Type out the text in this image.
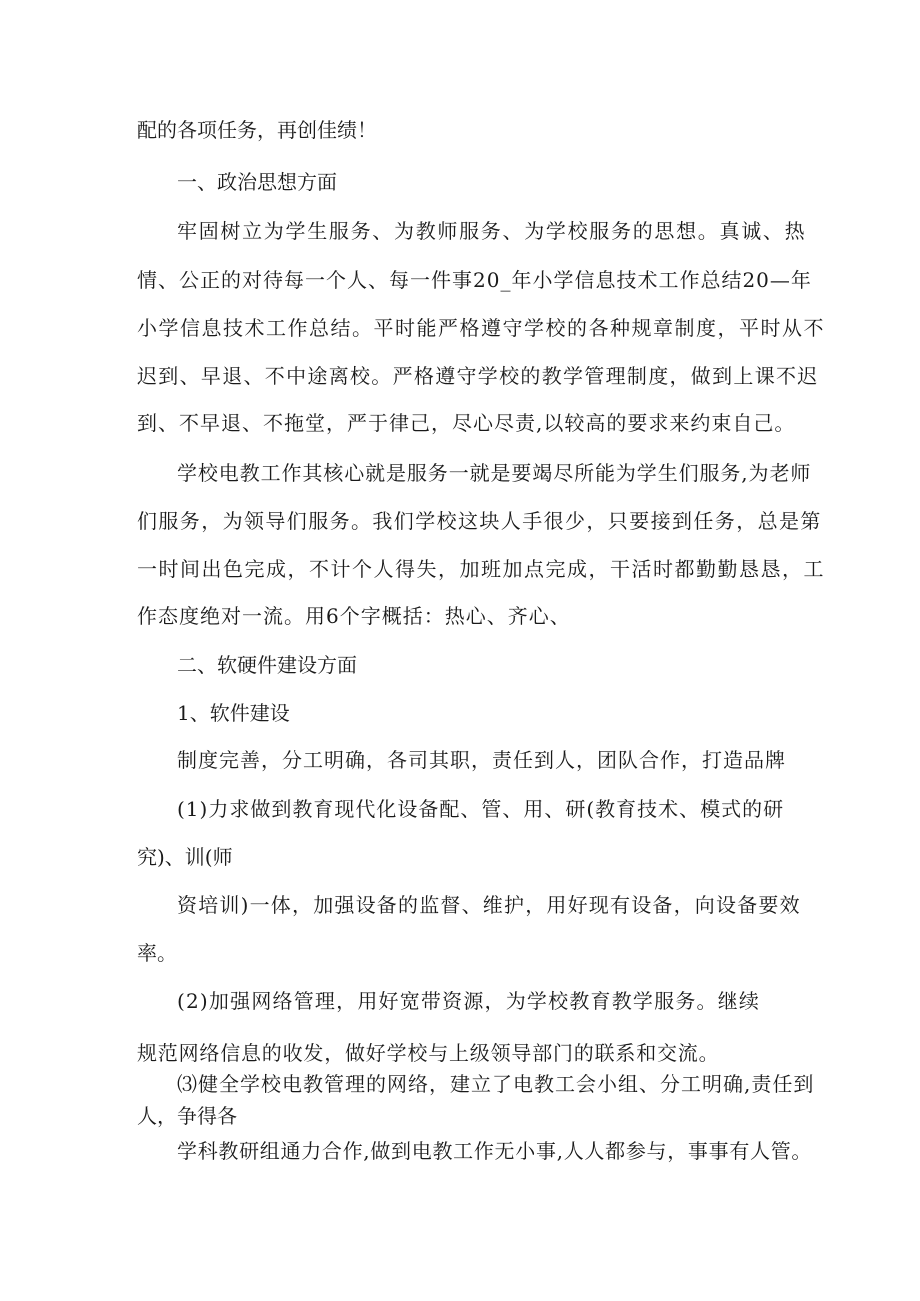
配的各项任务，再创佳绩！

一、政治思想方面

牢固树立为学生服务、为教师服务、为学校服务的思想。真诚、热

情、公正的对待每一个人、每一件事20_年小学信息技术工作总结20—年

小学信息技术工作总结。平时能严格遵守学校的各种规章制度，平时从不

迟到、早退、不中途离校。严格遵守学校的教学管理制度，做到上课不迟

到、不早退、不拖堂，严于律己，尽心尽责,以较高的要求来约束自己。

学校电教工作其核心就是服务一就是要竭尽所能为学生们服务,为老师

们服务，为领导们服务。我们学校这块人手很少，只要接到任务，总是第

一时间出色完成，不计个人得失，加班加点完成，干活时都勤勤恳恳，工

作态度绝对一流。用6个字概括：热心、齐心、

二、软硬件建设方面

1、软件建设

制度完善，分工明确，各司其职，责任到人，团队合作，打造品牌

(1)力求做到教育现代化设备配、管、用、研(教育技术、模式的研

究)、训(师

资培训)一体，加强设备的监督、维护，用好现有设备，向设备要效

率。

(2)加强网络管理，用好宽带资源，为学校教育教学服务。继续

规范网络信息的收发，做好学校与上级领导部门的联系和交流。

⑶健全学校电教管理的网络，建立了电教工会小组、分工明确,责任到

人，争得各

学科教研组通力合作,做到电教工作无小事,人人都参与，事事有人管。
